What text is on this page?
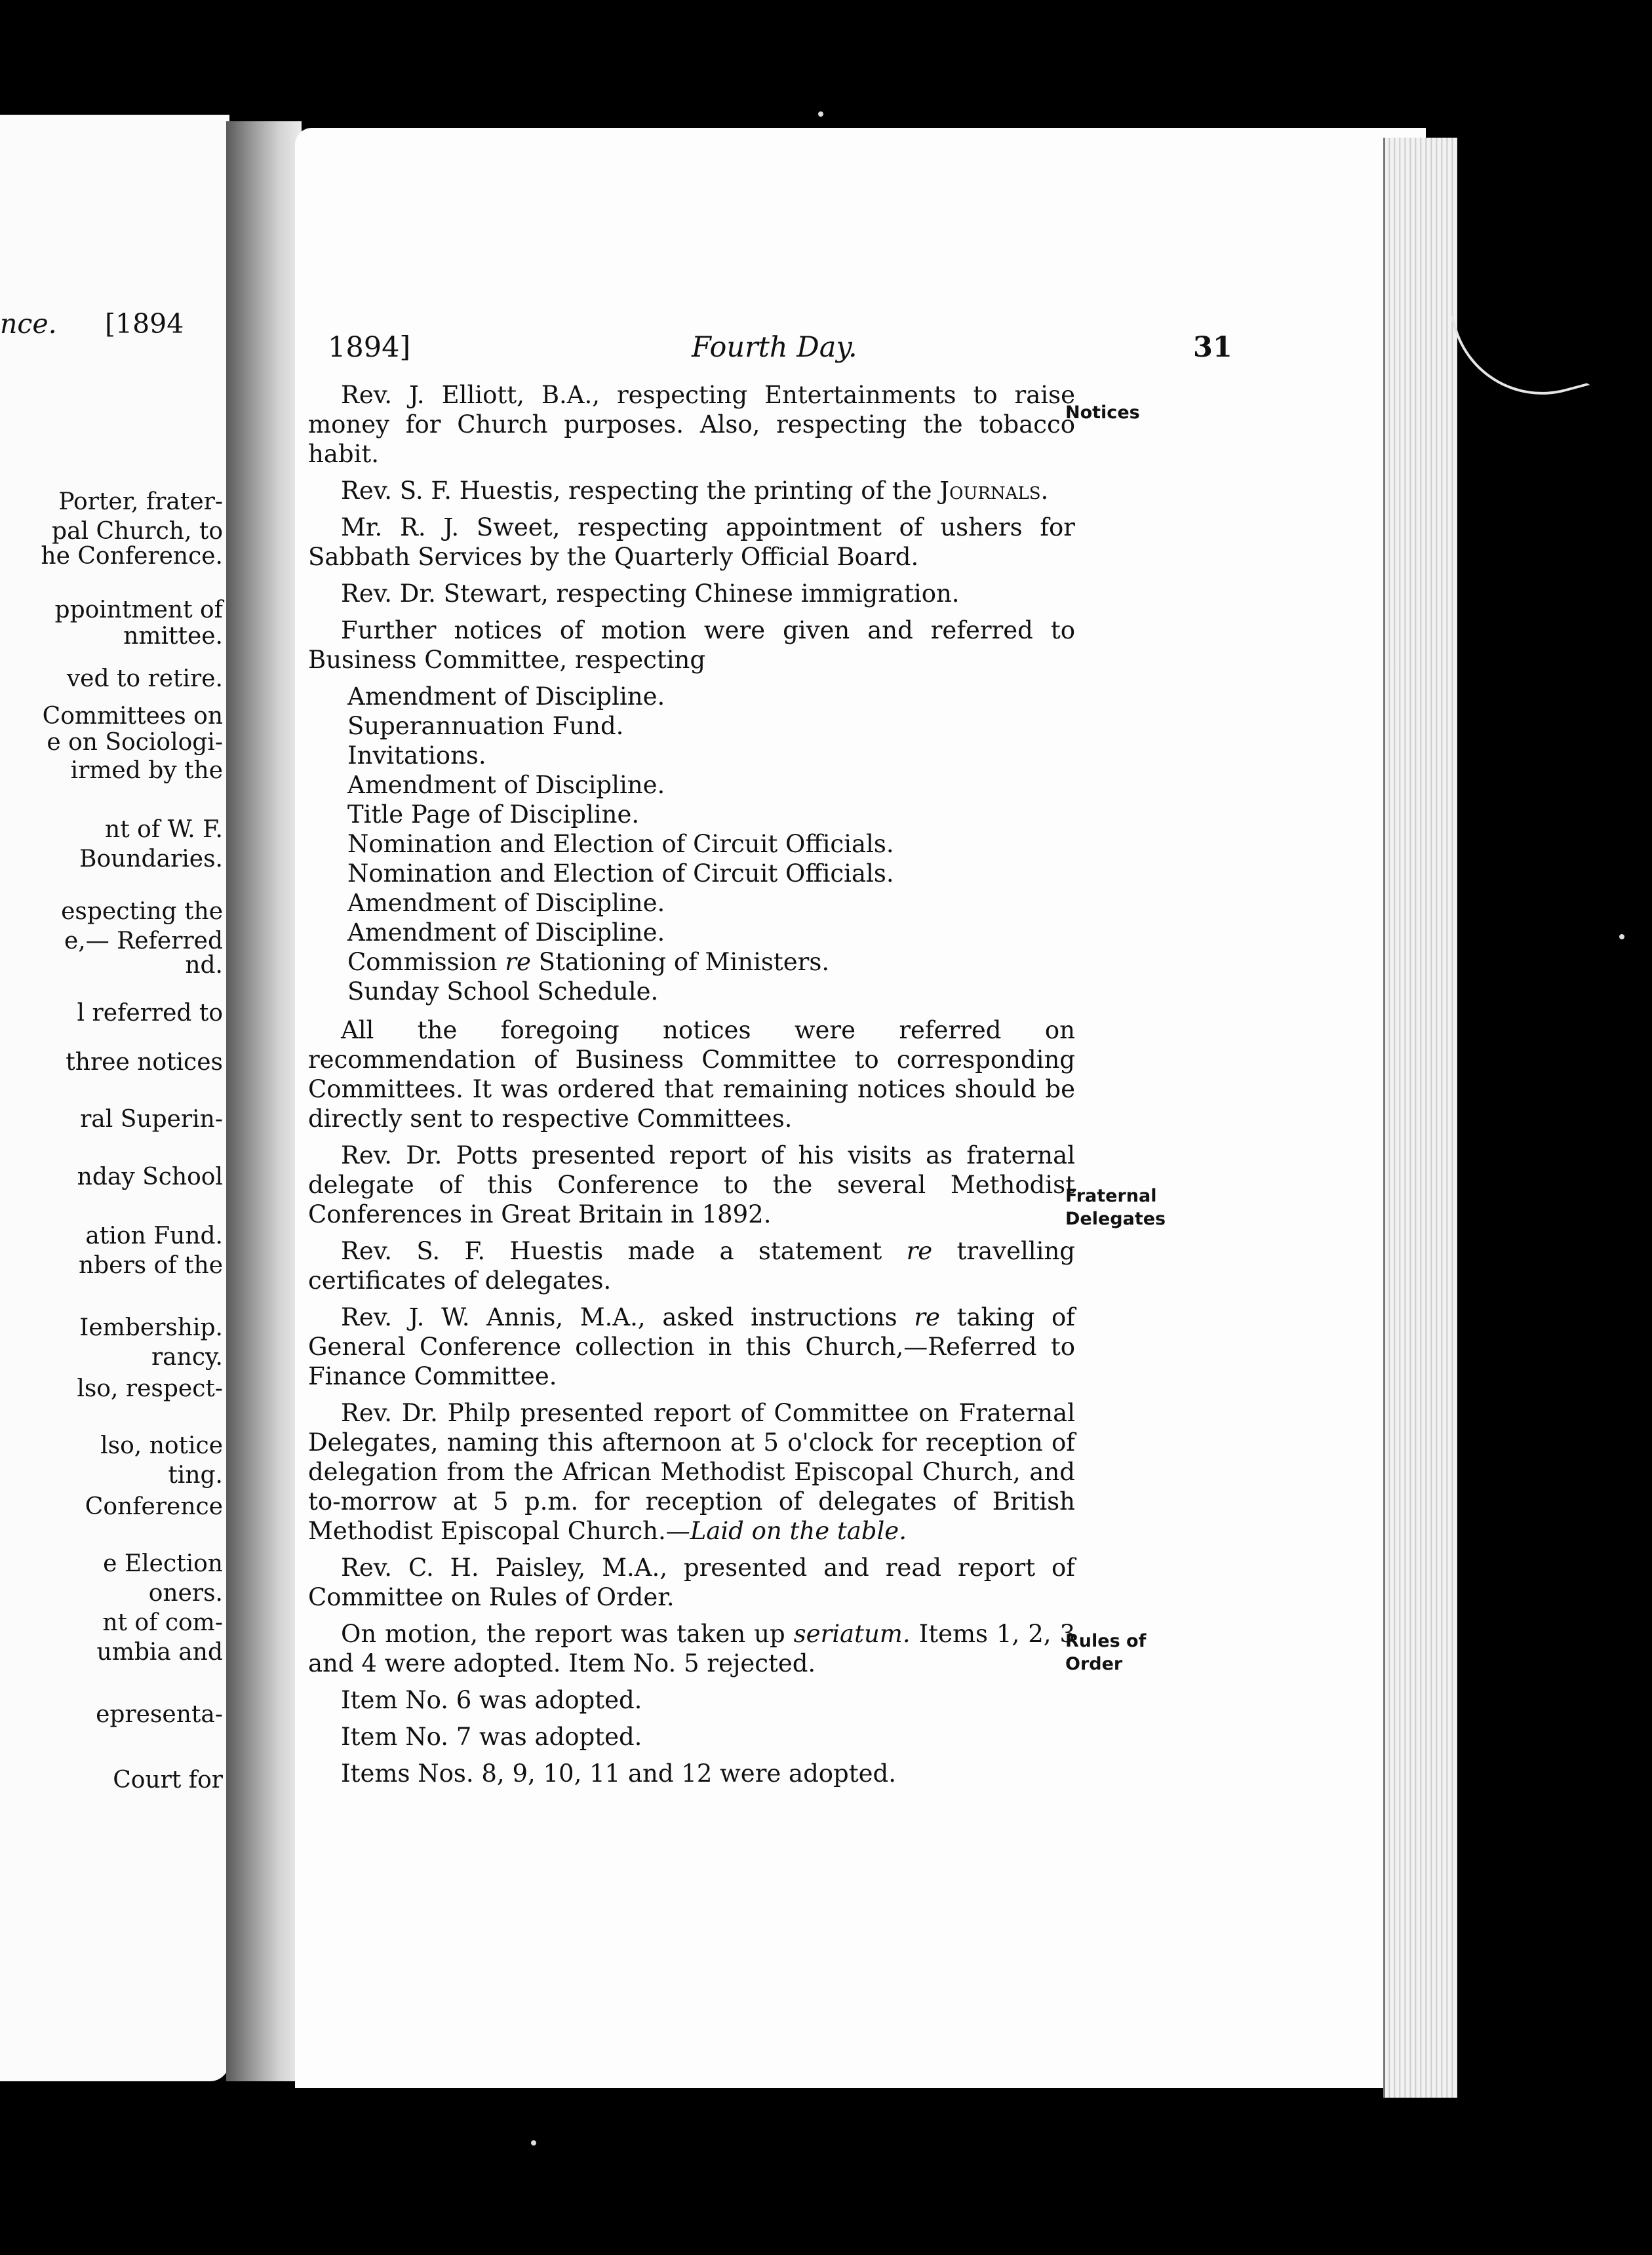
nce. [1894
Porter, frater-
pal Church, to
he Conference.
ppointment of
nmittee.
ved to retire.
Committees on
e on Sociologi-
irmed by the
nt of W. F.
Boundaries.
especting the
e,— Referred
nd.
l referred to
three notices
ral Superin-
nday School
ation Fund.
nbers of the
Iembership.
rancy.
lso, respect-
lso, notice
ting.
Conference
e Election
oners.
nt of com-
umbia and
epresenta-
Court for
1894]	Fourth Day.	31

Rev. J. Elliott, B.A., respecting Entertainments to raise money for Church purposes. Also, respecting the tobacco habit.

Rev. S. F. Huestis, respecting the printing of the Journals.

Mr. R. J. Sweet, respecting appointment of ushers for Sabbath Services by the Quarterly Official Board.

Rev. Dr. Stewart, respecting Chinese immigration.

Further notices of motion were given and referred to Business Committee, respecting

Amendment of Discipline.
Superannuation Fund.
Invitations.
Amendment of Discipline.
Title Page of Discipline.
Nomination and Election of Circuit Officials.
Nomination and Election of Circuit Officials.
Amendment of Discipline.
Amendment of Discipline.
Commission re Stationing of Ministers.
Sunday School Schedule.

All the foregoing notices were referred on recommendation of Business Committee to corresponding Committees. It was ordered that remaining notices should be directly sent to respective Committees.

Rev. Dr. Potts presented report of his visits as fraternal delegate of this Conference to the several Methodist Conferences in Great Britain in 1892.

Rev. S. F. Huestis made a statement re travelling certificates of delegates.

Rev. J. W. Annis, M.A., asked instructions re taking of General Conference collection in this Church,—Referred to Finance Committee.

Rev. Dr. Philp presented report of Committee on Fraternal Delegates, naming this afternoon at 5 o'clock for reception of delegation from the African Methodist Episcopal Church, and to-morrow at 5 p.m. for reception of delegates of British Methodist Episcopal Church.—Laid on the table.

Rev. C. H. Paisley, M.A., presented and read report of Committee on Rules of Order.

On motion, the report was taken up seriatum. Items 1, 2, 3 and 4 were adopted. Item No. 5 rejected.

Item No. 6 was adopted.

Item No. 7 was adopted.

Items Nos. 8, 9, 10, 11 and 12 were adopted.

Notices
Fraternal
Delegates
Rules of
Order
